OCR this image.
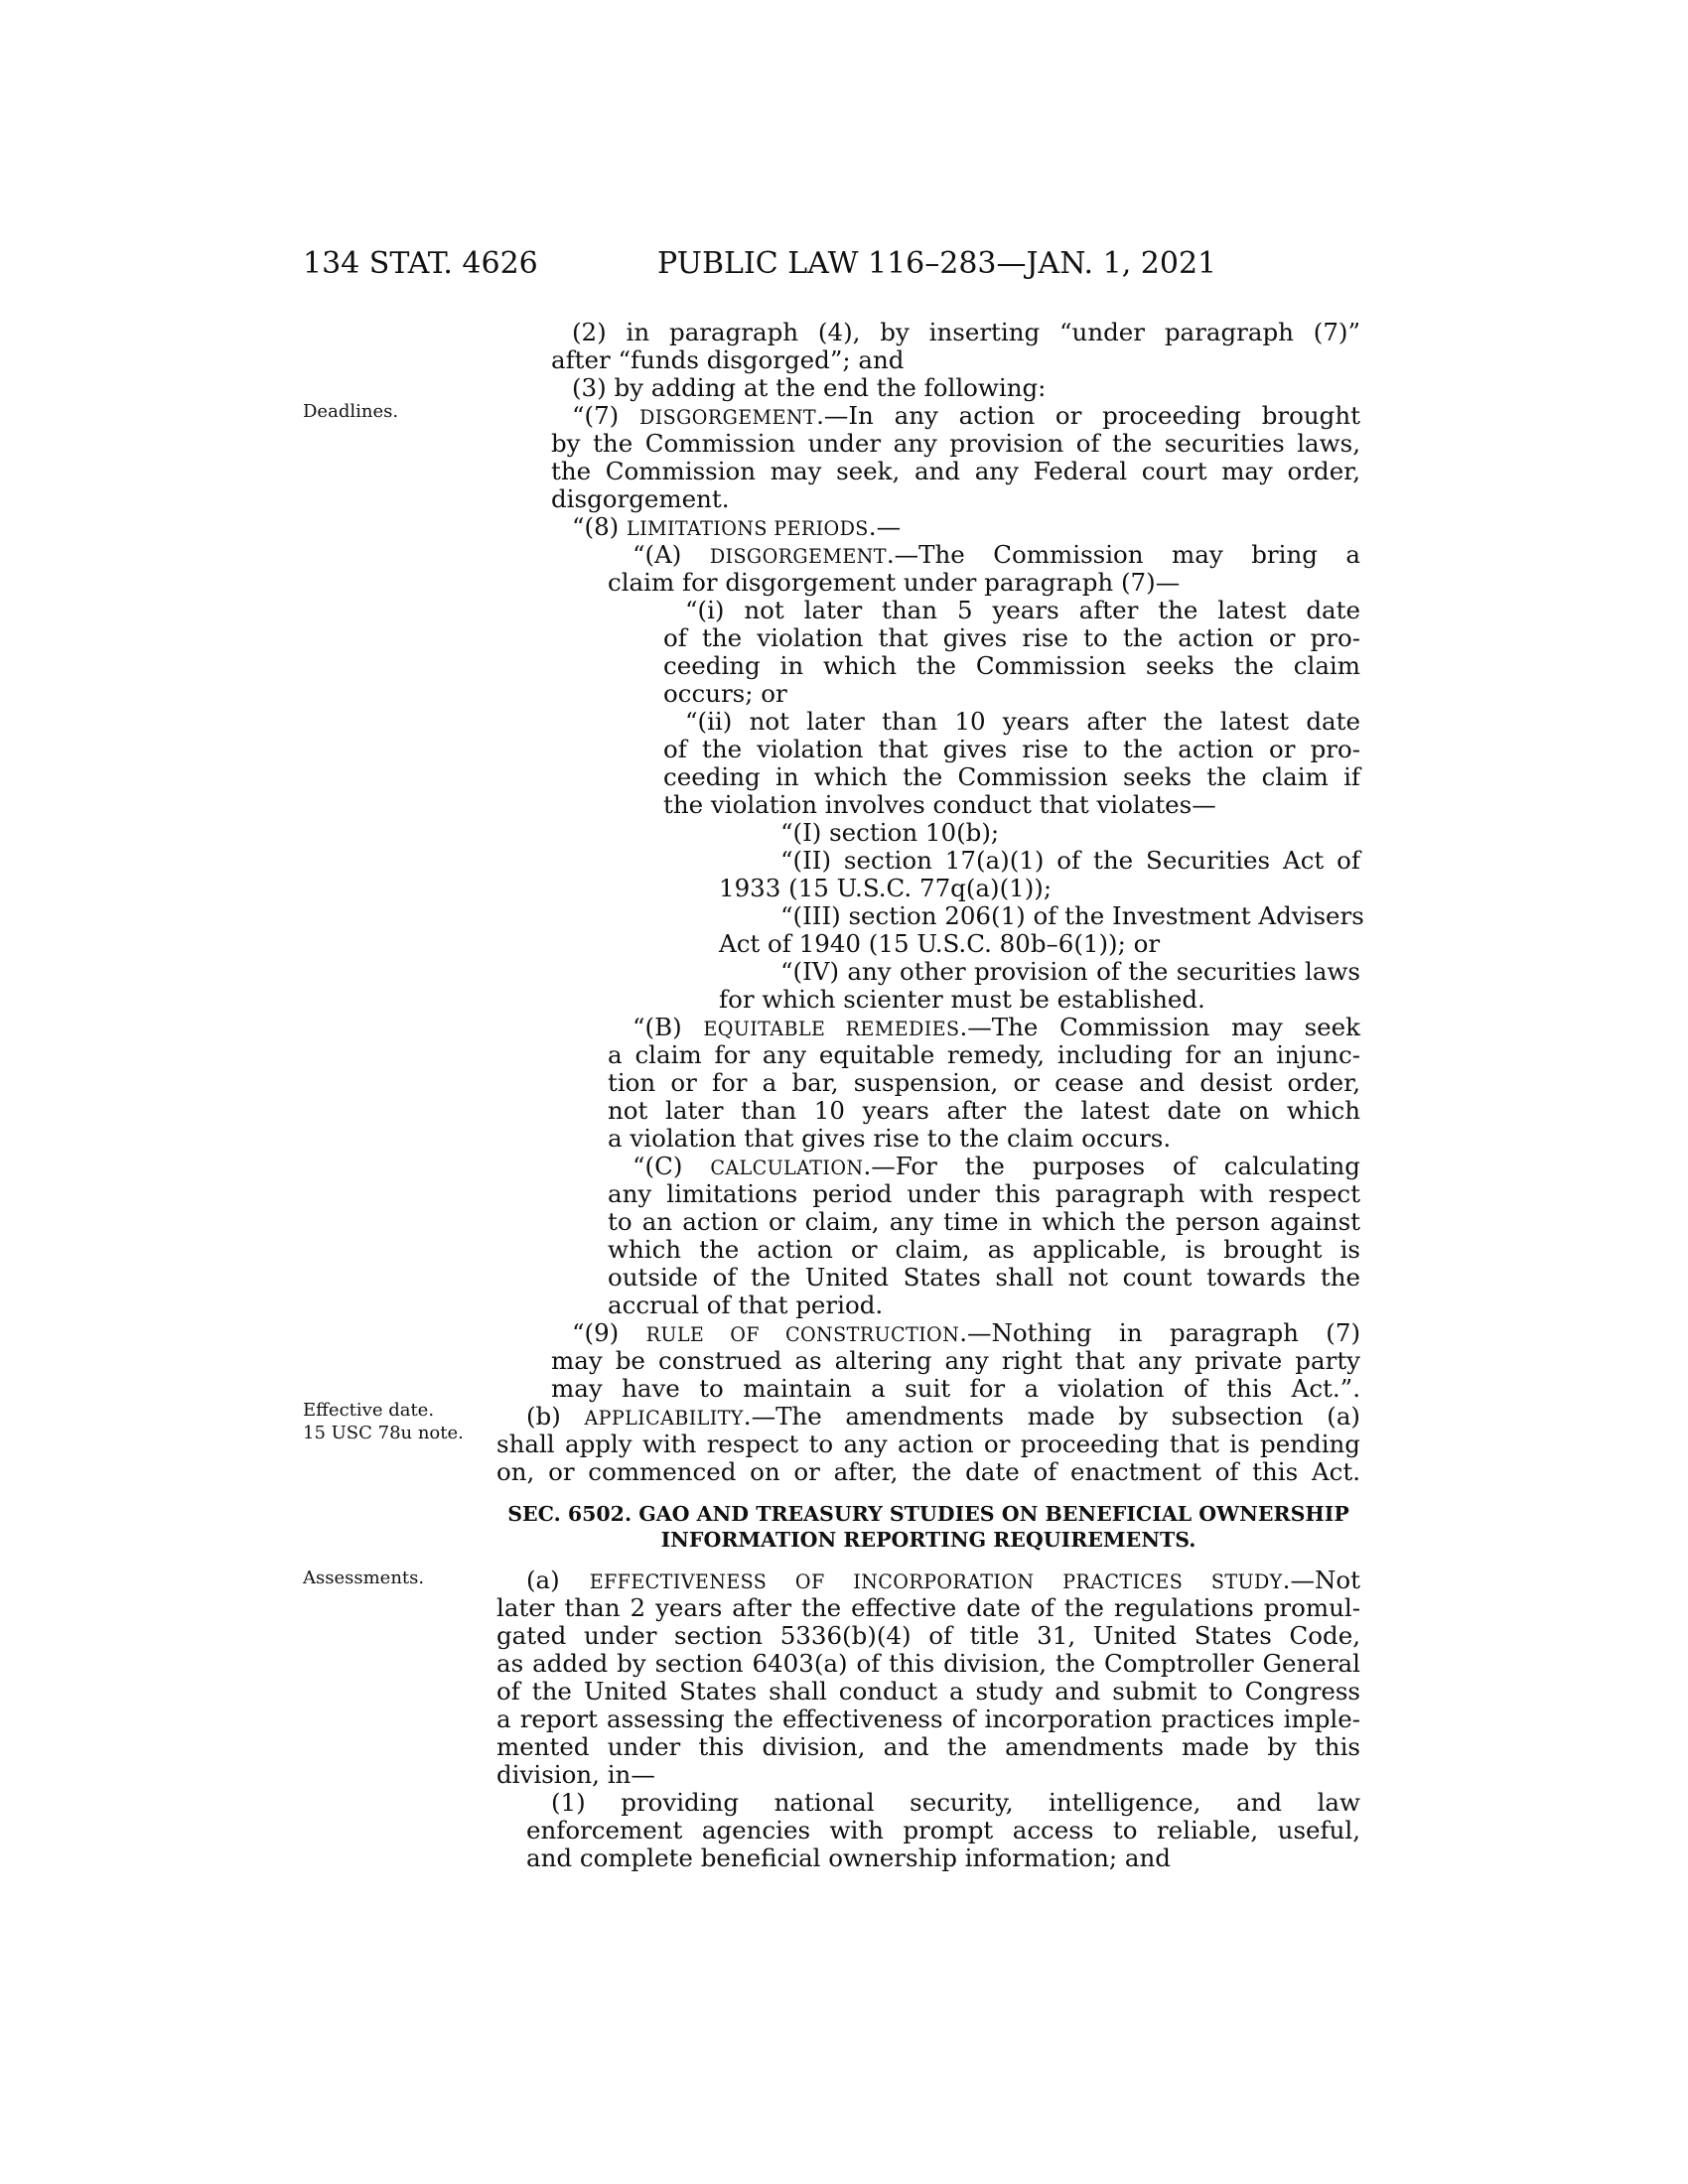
134 STAT. 4626	PUBLIC LAW 116–283—JAN. 1, 2021
Deadlines.
Effective date.
15 USC 78u note.
Assessments.
(2) in paragraph (4), by inserting “under paragraph (7)”
after “funds disgorged”; and
(3) by adding at the end the following:
“(7) DISGORGEMENT.—In any action or proceeding brought
by the Commission under any provision of the securities laws,
the Commission may seek, and any Federal court may order,
disgorgement.
“(8) LIMITATIONS PERIODS.—
“(A) DISGORGEMENT.—The Commission may bring a
claim for disgorgement under paragraph (7)—
“(i) not later than 5 years after the latest date
of the violation that gives rise to the action or pro-
ceeding in which the Commission seeks the claim
occurs; or
“(ii) not later than 10 years after the latest date
of the violation that gives rise to the action or pro-
ceeding in which the Commission seeks the claim if
the violation involves conduct that violates—
“(I) section 10(b);
“(II) section 17(a)(1) of the Securities Act of
1933 (15 U.S.C. 77q(a)(1));
“(III) section 206(1) of the Investment Advisers
Act of 1940 (15 U.S.C. 80b–6(1)); or
“(IV) any other provision of the securities laws
for which scienter must be established.
“(B) EQUITABLE REMEDIES.—The Commission may seek
a claim for any equitable remedy, including for an injunc-
tion or for a bar, suspension, or cease and desist order,
not later than 10 years after the latest date on which
a violation that gives rise to the claim occurs.
“(C) CALCULATION.—For the purposes of calculating
any limitations period under this paragraph with respect
to an action or claim, any time in which the person against
which the action or claim, as applicable, is brought is
outside of the United States shall not count towards the
accrual of that period.
“(9) RULE OF CONSTRUCTION.—Nothing in paragraph (7)
may be construed as altering any right that any private party
may have to maintain a suit for a violation of this Act.”.
(b) APPLICABILITY.—The amendments made by subsection (a)
shall apply with respect to any action or proceeding that is pending
on, or commenced on or after, the date of enactment of this Act.
SEC. 6502. GAO AND TREASURY STUDIES ON BENEFICIAL OWNERSHIP
INFORMATION REPORTING REQUIREMENTS.
(a) EFFECTIVENESS OF INCORPORATION PRACTICES STUDY.—Not
later than 2 years after the effective date of the regulations promul-
gated under section 5336(b)(4) of title 31, United States Code,
as added by section 6403(a) of this division, the Comptroller General
of the United States shall conduct a study and submit to Congress
a report assessing the effectiveness of incorporation practices imple-
mented under this division, and the amendments made by this
division, in—
(1) providing national security, intelligence, and law
enforcement agencies with prompt access to reliable, useful,
and complete beneficial ownership information; and
